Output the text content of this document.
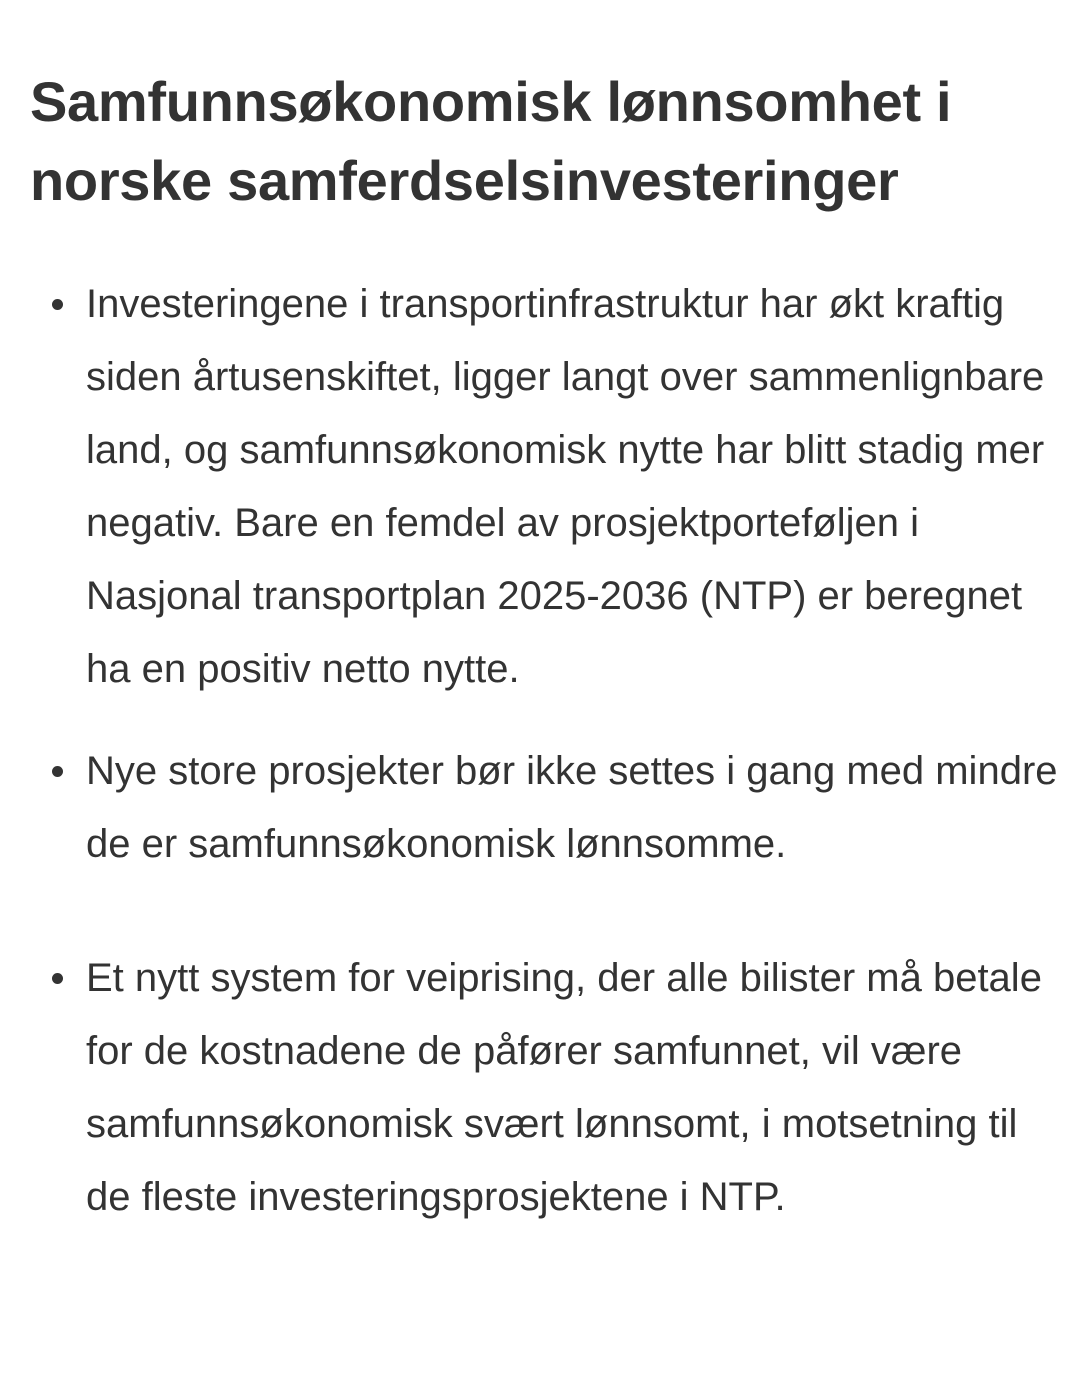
Samfunnsøkonomisk lønnsomhet i norske samferdselsinvesteringer
Investeringene i transportinfrastruktur har økt kraftig siden årtusenskiftet, ligger langt over sammenlignbare land, og samfunnsøkonomisk nytte har blitt stadig mer negativ. Bare en femdel av prosjektporteføljen i Nasjonal transportplan 2025-2036 (NTP) er beregnet ha en positiv netto nytte.
Nye store prosjekter bør ikke settes i gang med mindre de er samfunnsøkonomisk lønnsomme.
Et nytt system for veiprising, der alle bilister må betale for de kostnadene de påfører samfunnet, vil være samfunnsøkonomisk svært lønnsomt, i motsetning til de fleste investeringsprosjektene i NTP.
